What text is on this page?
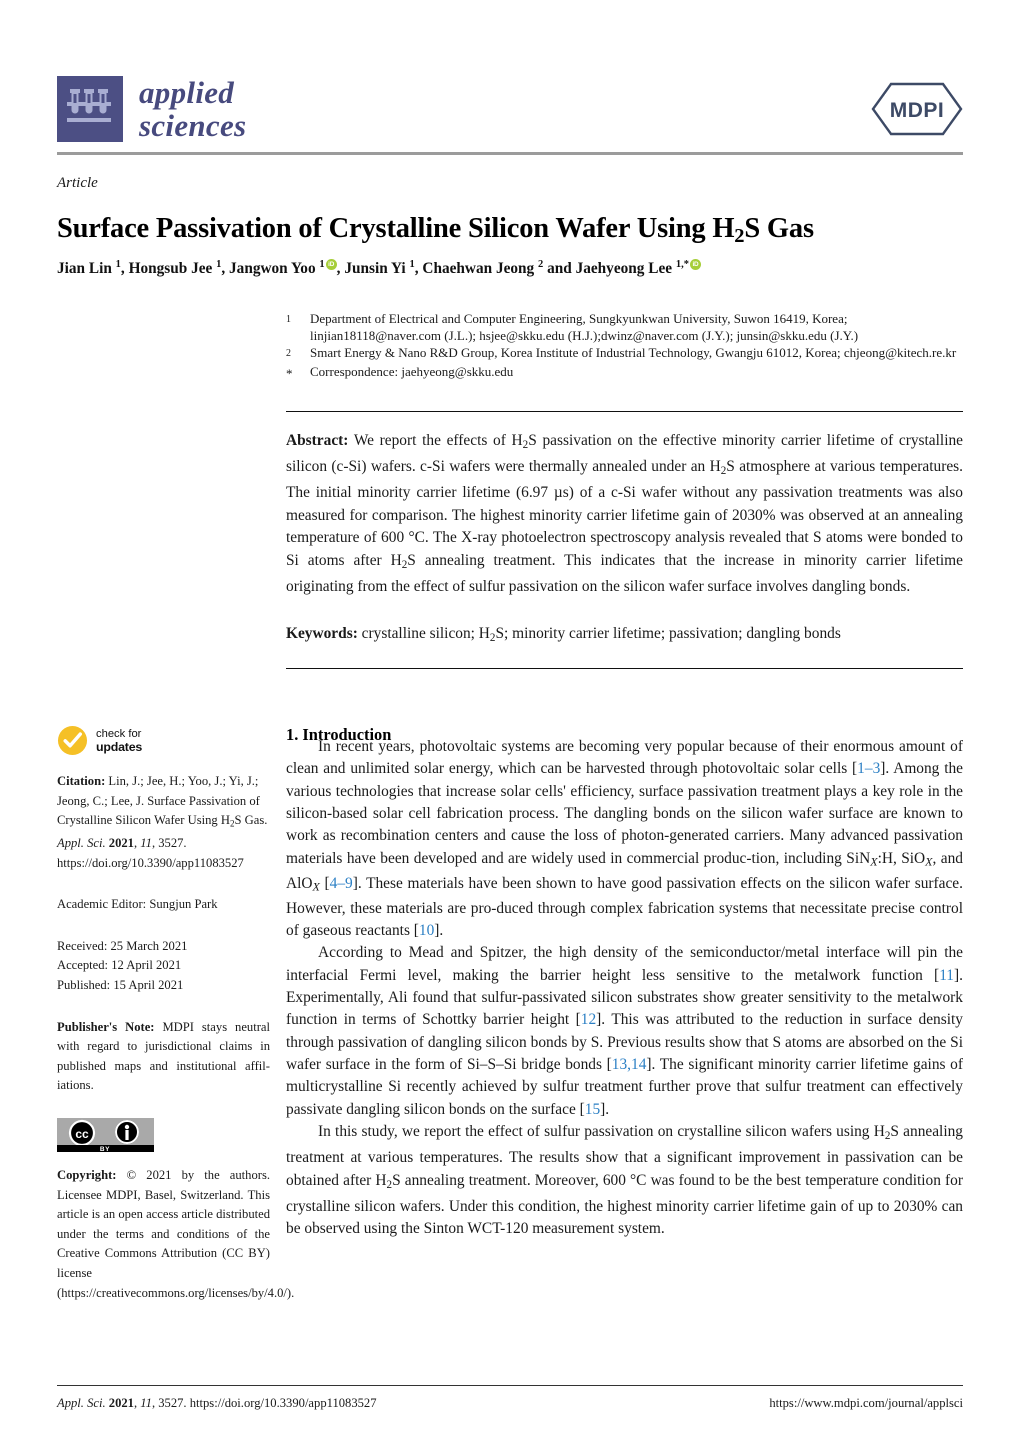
applied
sciences	MDPI
Article
Surface Passivation of Crystalline Silicon Wafer Using $H_2S$ Gas
Jian Lin $^1$, Hongsub Jee $^1$, Jangwon Yoo $^1$ iD , Junsin Yi $^1$, Chaehwan Jeong $^2$ and Jaehyeong Lee $^{1,*}$iD
1	Department of Electrical and Computer Engineering, Sungkyunkwan University, Suwon 16419, Korea; linjian18118@naver.com (J.L.); hsjee@skku.edu (H.J.);dwinz@naver.com (J.Y.); junsin@skku.edu (J.Y.)
2	Smart Energy & Nano R&D Group, Korea Institute of Industrial Technology, Gwangju 61012, Korea; chjeong@kitech.re.kr
*	Correspondence: jaehyeong@skku.edu
Abstract: We report the effects of $H_2S$ passivation on the effective minority carrier lifetime of crystalline silicon (c-Si) wafers. c-Si wafers were thermally annealed under an $H_2S$ atmosphere at various temperatures. The initial minority carrier lifetime (6.97 µs) of a c-Si wafer without any passivation treatments was also measured for comparison. The highest minority carrier lifetime gain of 2030% was observed at an annealing temperature of 600 °C. The X-ray photoelectron spectroscopy analysis revealed that S atoms were bonded to Si atoms after $H_2S$ annealing treatment. This indicates that the increase in minority carrier lifetime originating from the effect of sulfur passivation on the silicon wafer surface involves dangling bonds.
Keywords: crystalline silicon; $H_2S$; minority carrier lifetime; passivation; dangling bonds
check for
updates
Citation: Lin, J.; Jee, H.; Yoo, J.; Yi, J.; Jeong, C.; Lee, J. Surface Passivation of Crystalline Silicon Wafer Using $H_2S$ Gas. Appl. Sci. 2021, 11, 3527.
https://doi.org/10.3390/app11083527
Academic Editor: Sungjun Park
Received: 25 March 2021
Accepted: 12 April 2021
Published: 15 April 2021
Publisher's Note: MDPI stays neutral with regard to jurisdictional claims in published maps and institutional affil-iations.
cc
BY
Copyright: © 2021 by the authors. Licensee MDPI, Basel, Switzerland. This article is an open access article distributed under the terms and conditions of the Creative Commons Attribution (CC BY) license (https://creativecommons.org/licenses/by/4.0/).
1. Introduction

In recent years, photovoltaic systems are becoming very popular because of their enormous amount of clean and unlimited solar energy, which can be harvested through photovoltaic solar cells [1–3]. Among the various technologies that increase solar cells' efficiency, surface passivation treatment plays a key role in the silicon-based solar cell fabrication process. The dangling bonds on the silicon wafer surface are known to work as recombination centers and cause the loss of photon-generated carriers. Many advanced passivation materials have been developed and are widely used in commercial produc-tion, including SiNX:H, SiOX, and AlOX [4–9]. These materials have been shown to have good passivation effects on the silicon wafer surface. However, these materials are pro-duced through complex fabrication systems that necessitate precise control of gaseous reactants [10].

According to Mead and Spitzer, the high density of the semiconductor/metal interface will pin the interfacial Fermi level, making the barrier height less sensitive to the metalwork function [11]. Experimentally, Ali found that sulfur-passivated silicon substrates show greater sensitivity to the metalwork function in terms of Schottky barrier height [12]. This was attributed to the reduction in surface density through passivation of dangling silicon bonds by S. Previous results show that S atoms are absorbed on the Si wafer surface in the form of Si–S–Si bridge bonds [13,14]. The significant minority carrier lifetime gains of multicrystalline Si recently achieved by sulfur treatment further prove that sulfur treatment can effectively passivate dangling silicon bonds on the surface [15].

In this study, we report the effect of sulfur passivation on crystalline silicon wafers using $H_2S$ annealing treatment at various temperatures. The results show that a significant improvement in passivation can be obtained after $H_2S$ annealing treatment. Moreover, 600 °C was found to be the best temperature condition for crystalline silicon wafers. Under this condition, the highest minority carrier lifetime gain of up to 2030% can be observed using the Sinton WCT-120 measurement system.

Appl. Sci. 2021, 11, 3527. https://doi.org/10.3390/app11083527	https://www.mdpi.com/journal/applsci
